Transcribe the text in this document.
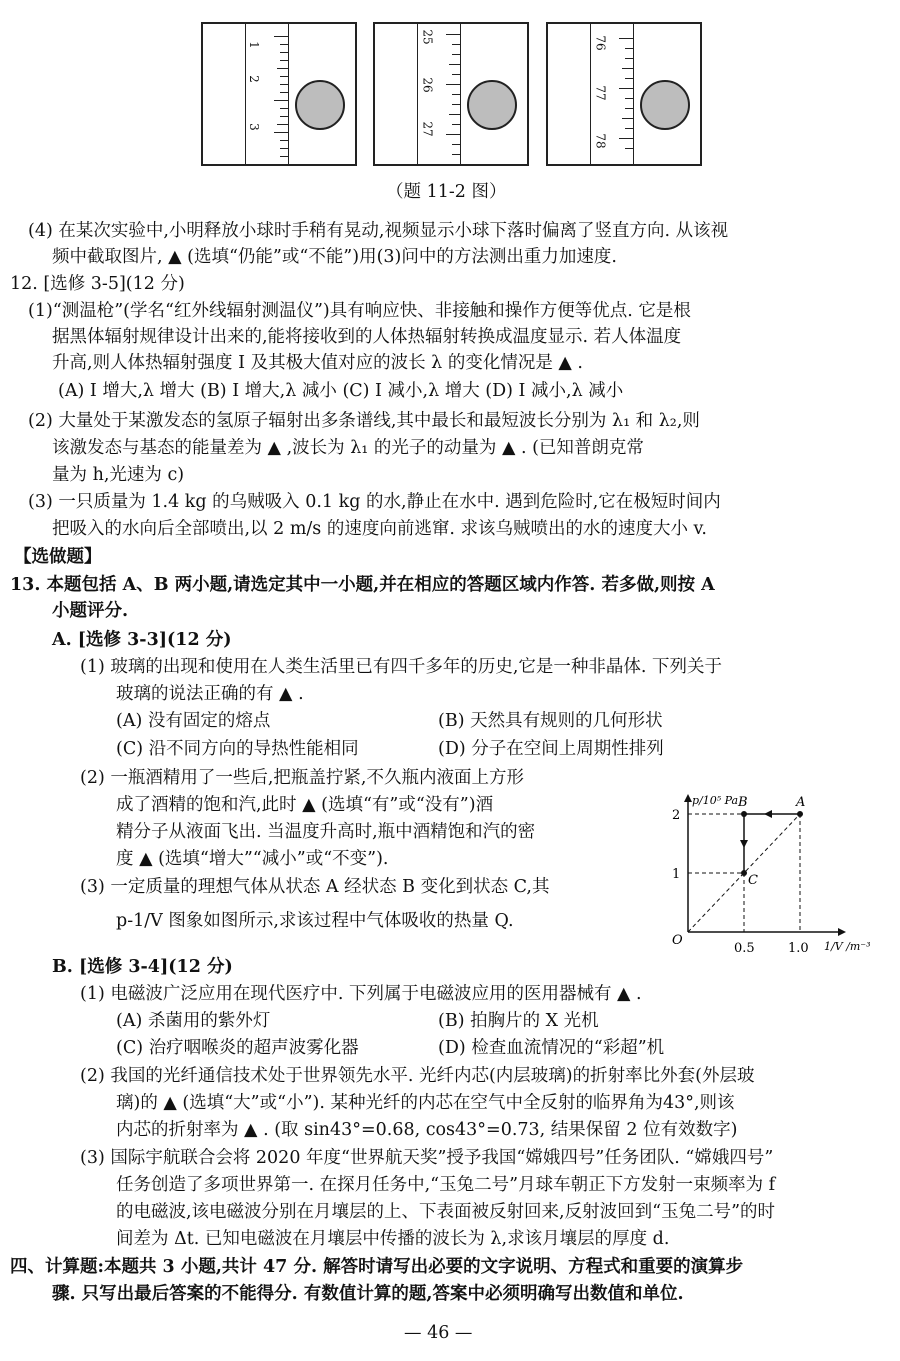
1
2
3
25
26
27
76
77
78
（题 11-2 图）
(4) 在某次实验中,小明释放小球时手稍有晃动,视频显示小球下落时偏离了竖直方向. 从该视
频中截取图片, ▲ (选填“仍能”或“不能”)用(3)问中的方法测出重力加速度.
12. [选修 3-5](12 分)
(1)“测温枪”(学名“红外线辐射测温仪”)具有响应快、非接触和操作方便等优点. 它是根
据黑体辐射规律设计出来的,能将接收到的人体热辐射转换成温度显示. 若人体温度
升高,则人体热辐射强度 I 及其极大值对应的波长 λ 的变化情况是 ▲ .
(A) I 增大,λ 增大 (B) I 增大,λ 减小 (C) I 减小,λ 增大 (D) I 减小,λ 减小
(2) 大量处于某激发态的氢原子辐射出多条谱线,其中最长和最短波长分别为 λ₁ 和 λ₂,则
该激发态与基态的能量差为 ▲ ,波长为 λ₁ 的光子的动量为 ▲ . (已知普朗克常
量为 h,光速为 c)
(3) 一只质量为 1.4 kg 的乌贼吸入 0.1 kg 的水,静止在水中. 遇到危险时,它在极短时间内
把吸入的水向后全部喷出,以 2 m/s 的速度向前逃窜. 求该乌贼喷出的水的速度大小 v.
【选做题】
13. 本题包括 A、B 两小题,请选定其中一小题,并在相应的答题区域内作答. 若多做,则按 A
小题评分.
A. [选修 3-3](12 分)
(1) 玻璃的出现和使用在人类生活里已有四千多年的历史,它是一种非晶体. 下列关于
玻璃的说法正确的有 ▲ .
(A) 没有固定的熔点	(B) 天然具有规则的几何形状
(C) 沿不同方向的导热性能相同	(D) 分子在空间上周期性排列
(2) 一瓶酒精用了一些后,把瓶盖拧紧,不久瓶内液面上方形
成了酒精的饱和汽,此时 ▲ (选填“有”或“没有”)酒
精分子从液面飞出. 当温度升高时,瓶中酒精饱和汽的密
度 ▲ (选填“增大”“减小”或“不变”).
(3) 一定质量的理想气体从状态 A 经状态 B 变化到状态 C,其
p-1/V 图象如图所示,求该过程中气体吸收的热量 Q.
p/10⁵ Pa
1/V /m⁻³
O
2
1
0.5	1.0
A
B
C
B. [选修 3-4](12 分)
(1) 电磁波广泛应用在现代医疗中. 下列属于电磁波应用的医用器械有 ▲ .
(A) 杀菌用的紫外灯	(B) 拍胸片的 X 光机
(C) 治疗咽喉炎的超声波雾化器	(D) 检查血流情况的“彩超”机
(2) 我国的光纤通信技术处于世界领先水平. 光纤内芯(内层玻璃)的折射率比外套(外层玻
璃)的 ▲ (选填“大”或“小”). 某种光纤的内芯在空气中全反射的临界角为43°,则该
内芯的折射率为 ▲ . (取 sin43°=0.68, cos43°=0.73, 结果保留 2 位有效数字)
(3) 国际宇航联合会将 2020 年度“世界航天奖”授予我国“嫦娥四号”任务团队. “嫦娥四号”
任务创造了多项世界第一. 在探月任务中,“玉兔二号”月球车朝正下方发射一束频率为 f
的电磁波,该电磁波分别在月壤层的上、下表面被反射回来,反射波回到“玉兔二号”的时
间差为 Δt. 已知电磁波在月壤层中传播的波长为 λ,求该月壤层的厚度 d.
四、计算题:本题共 3 小题,共计 47 分. 解答时请写出必要的文字说明、方程式和重要的演算步
骤. 只写出最后答案的不能得分. 有数值计算的题,答案中必须明确写出数值和单位.
— 46 —
